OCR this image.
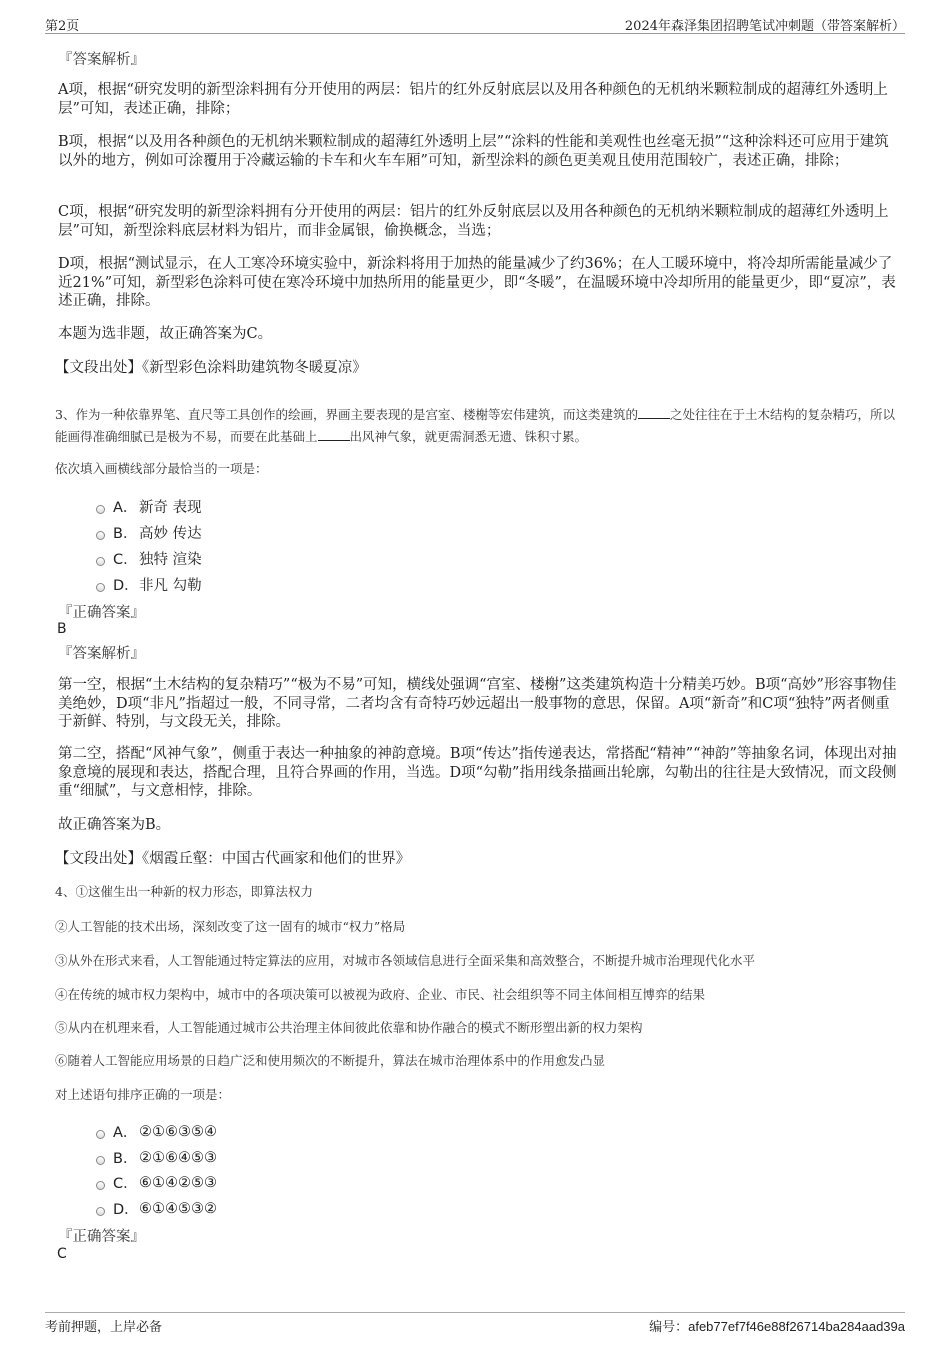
第2页	2024年森泽集团招聘笔试冲刺题（带答案解析）
『答案解析』
A项，根据“研究发明的新型涂料拥有分开使用的两层：铝片的红外反射底层以及用各种颜色的无机纳米颗粒制成的超薄红外透明上层”可知，表述正确，排除；
B项，根据“以及用各种颜色的无机纳米颗粒制成的超薄红外透明上层”“涂料的性能和美观性也丝毫无损”“这种涂料还可应用于建筑以外的地方，例如可涂覆用于冷藏运输的卡车和火车车厢”可知，新型涂料的颜色更美观且使用范围较广，表述正确，排除；
C项，根据“研究发明的新型涂料拥有分开使用的两层：铝片的红外反射底层以及用各种颜色的无机纳米颗粒制成的超薄红外透明上层”可知，新型涂料底层材料为铝片，而非金属银，偷换概念，当选；
D项，根据“测试显示，在人工寒冷环境实验中，新涂料将用于加热的能量减少了约36%；在人工暖环境中，将冷却所需能量减少了近21%”可知，新型彩色涂料可使在寒冷环境中加热所用的能量更少，即“冬暖”，在温暖环境中冷却所用的能量更少，即“夏凉”，表述正确，排除。
本题为选非题，故正确答案为C。
【文段出处】《新型彩色涂料助建筑物冬暖夏凉》
3、作为一种依靠界笔、直尺等工具创作的绘画，界画主要表现的是宫室、楼榭等宏伟建筑，而这类建筑的	之处往往在于土木结构的复杂精巧，所以能画得准确细腻已是极为不易，而要在此基础上	出风神气象，就更需洞悉无遗、铢积寸累。
依次填入画横线部分最恰当的一项是：
A． 新奇 表现
B． 高妙 传达
C． 独特 渲染
D． 非凡 勾勒
『正确答案』
B
『答案解析』
第一空，根据“土木结构的复杂精巧”“极为不易”可知，横线处强调“宫室、楼榭”这类建筑构造十分精美巧妙。B项“高妙”形容事物佳美绝妙，D项“非凡”指超过一般，不同寻常，二者均含有奇特巧妙远超出一般事物的意思，保留。A项“新奇”和C项“独特”两者侧重于新鲜、特别，与文段无关，排除。
第二空，搭配“风神气象”，侧重于表达一种抽象的神韵意境。B项“传达”指传递表达，常搭配“精神”“神韵”等抽象名词，体现出对抽象意境的展现和表达，搭配合理，且符合界画的作用，当选。D项“勾勒”指用线条描画出轮廓，勾勒出的往往是大致情况，而文段侧重“细腻”，与文意相悖，排除。
故正确答案为B。
【文段出处】《烟霞丘壑：中国古代画家和他们的世界》
4、①这催生出一种新的权力形态，即算法权力
②人工智能的技术出场，深刻改变了这一固有的城市“权力”格局
③从外在形式来看，人工智能通过特定算法的应用，对城市各领域信息进行全面采集和高效整合，不断提升城市治理现代化水平
④在传统的城市权力架构中，城市中的各项决策可以被视为政府、企业、市民、社会组织等不同主体间相互博弈的结果
⑤从内在机理来看，人工智能通过城市公共治理主体间彼此依靠和协作融合的模式不断形塑出新的权力架构
⑥随着人工智能应用场景的日趋广泛和使用频次的不断提升，算法在城市治理体系中的作用愈发凸显
对上述语句排序正确的一项是：
A． ②①⑥③⑤④
B． ②①⑥④⑤③
C． ⑥①④②⑤③
D． ⑥①④⑤③②
『正确答案』
C
考前押题，上岸必备	编号：afeb77ef7f46e88f26714ba284aad39a
